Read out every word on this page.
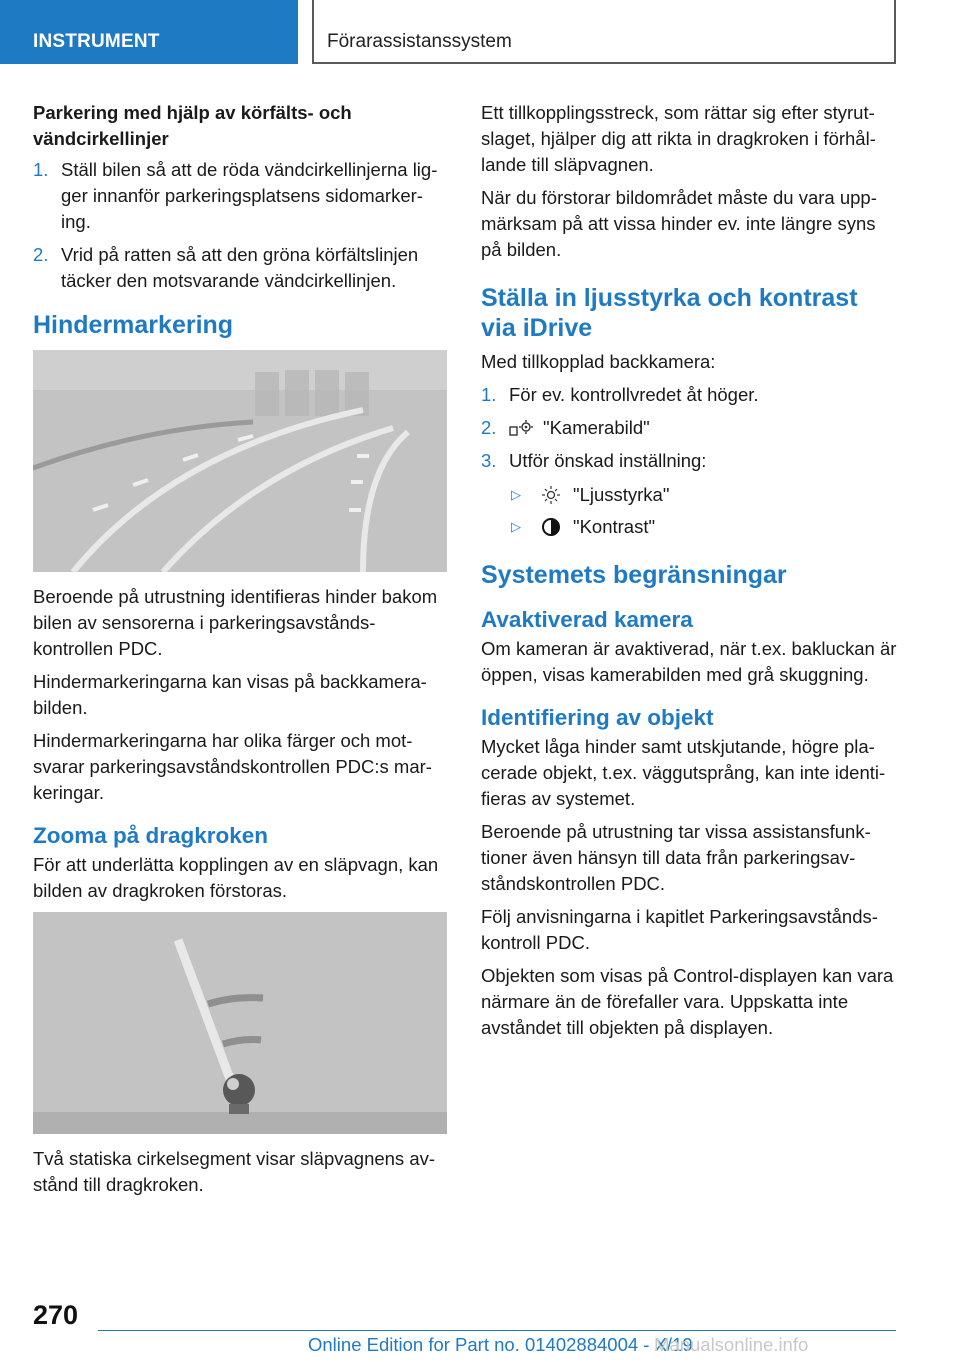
INSTRUMENT	Förarassistanssystem
Parkering med hjälp av körfälts- och vändcirkellinjer
1. Ställ bilen så att de röda vändcirkellinjerna lig-ger innanför parkeringsplatsens sidomarker-ing.
2. Vrid på ratten så att den gröna körfältslinjen täcker den motsvarande vändcirkellinjen.
Hindermarkering

Beroende på utrustning identifieras hinder bakom bilen av sensorerna i parkeringsavstånds-kontrollen PDC.

Hindermarkeringarna kan visas på backkamera-bilden.

Hindermarkeringarna har olika färger och mot-svarar parkeringsavståndskontrollen PDC:s mar-keringar.

Zooma på dragkroken

För att underlätta kopplingen av en släpvagn, kan bilden av dragkroken förstoras.

Två statiska cirkelsegment visar släpvagnens av-stånd till dragkroken.

Ett tillkopplingsstreck, som rättar sig efter styrut-slaget, hjälper dig att rikta in dragkroken i förhål-lande till släpvagnen.

När du förstorar bildområdet måste du vara upp-märksam på att vissa hinder ev. inte längre syns på bilden.

Ställa in ljusstyrka och kontrast via iDrive

Med tillkopplad backkamera:

1. För ev. kontrollvredet åt höger.
2.	"Kamerabild"
3. Utför önskad inställning:
▷	"Ljusstyrka"
▷	"Kontrast"
Systemets begränsningar
Avaktiverad kamera

Om kameran är avaktiverad, när t.ex. bakluckan är öppen, visas kamerabilden med grå skuggning.

Identifiering av objekt

Mycket låga hinder samt utskjutande, högre pla-cerade objekt, t.ex. väggutsprång, kan inte identi-fieras av systemet.

Beroende på utrustning tar vissa assistansfunk-tioner även hänsyn till data från parkeringsav-ståndskontrollen PDC.

Följ anvisningarna i kapitlet Parkeringsavstånds-kontroll PDC.

Objekten som visas på Control-displayen kan vara närmare än de förefaller vara. Uppskatta inte avståndet till objekten på displayen.

270
Online Edition for Part no. 01402884004 - X/19
Manualsonline.info
